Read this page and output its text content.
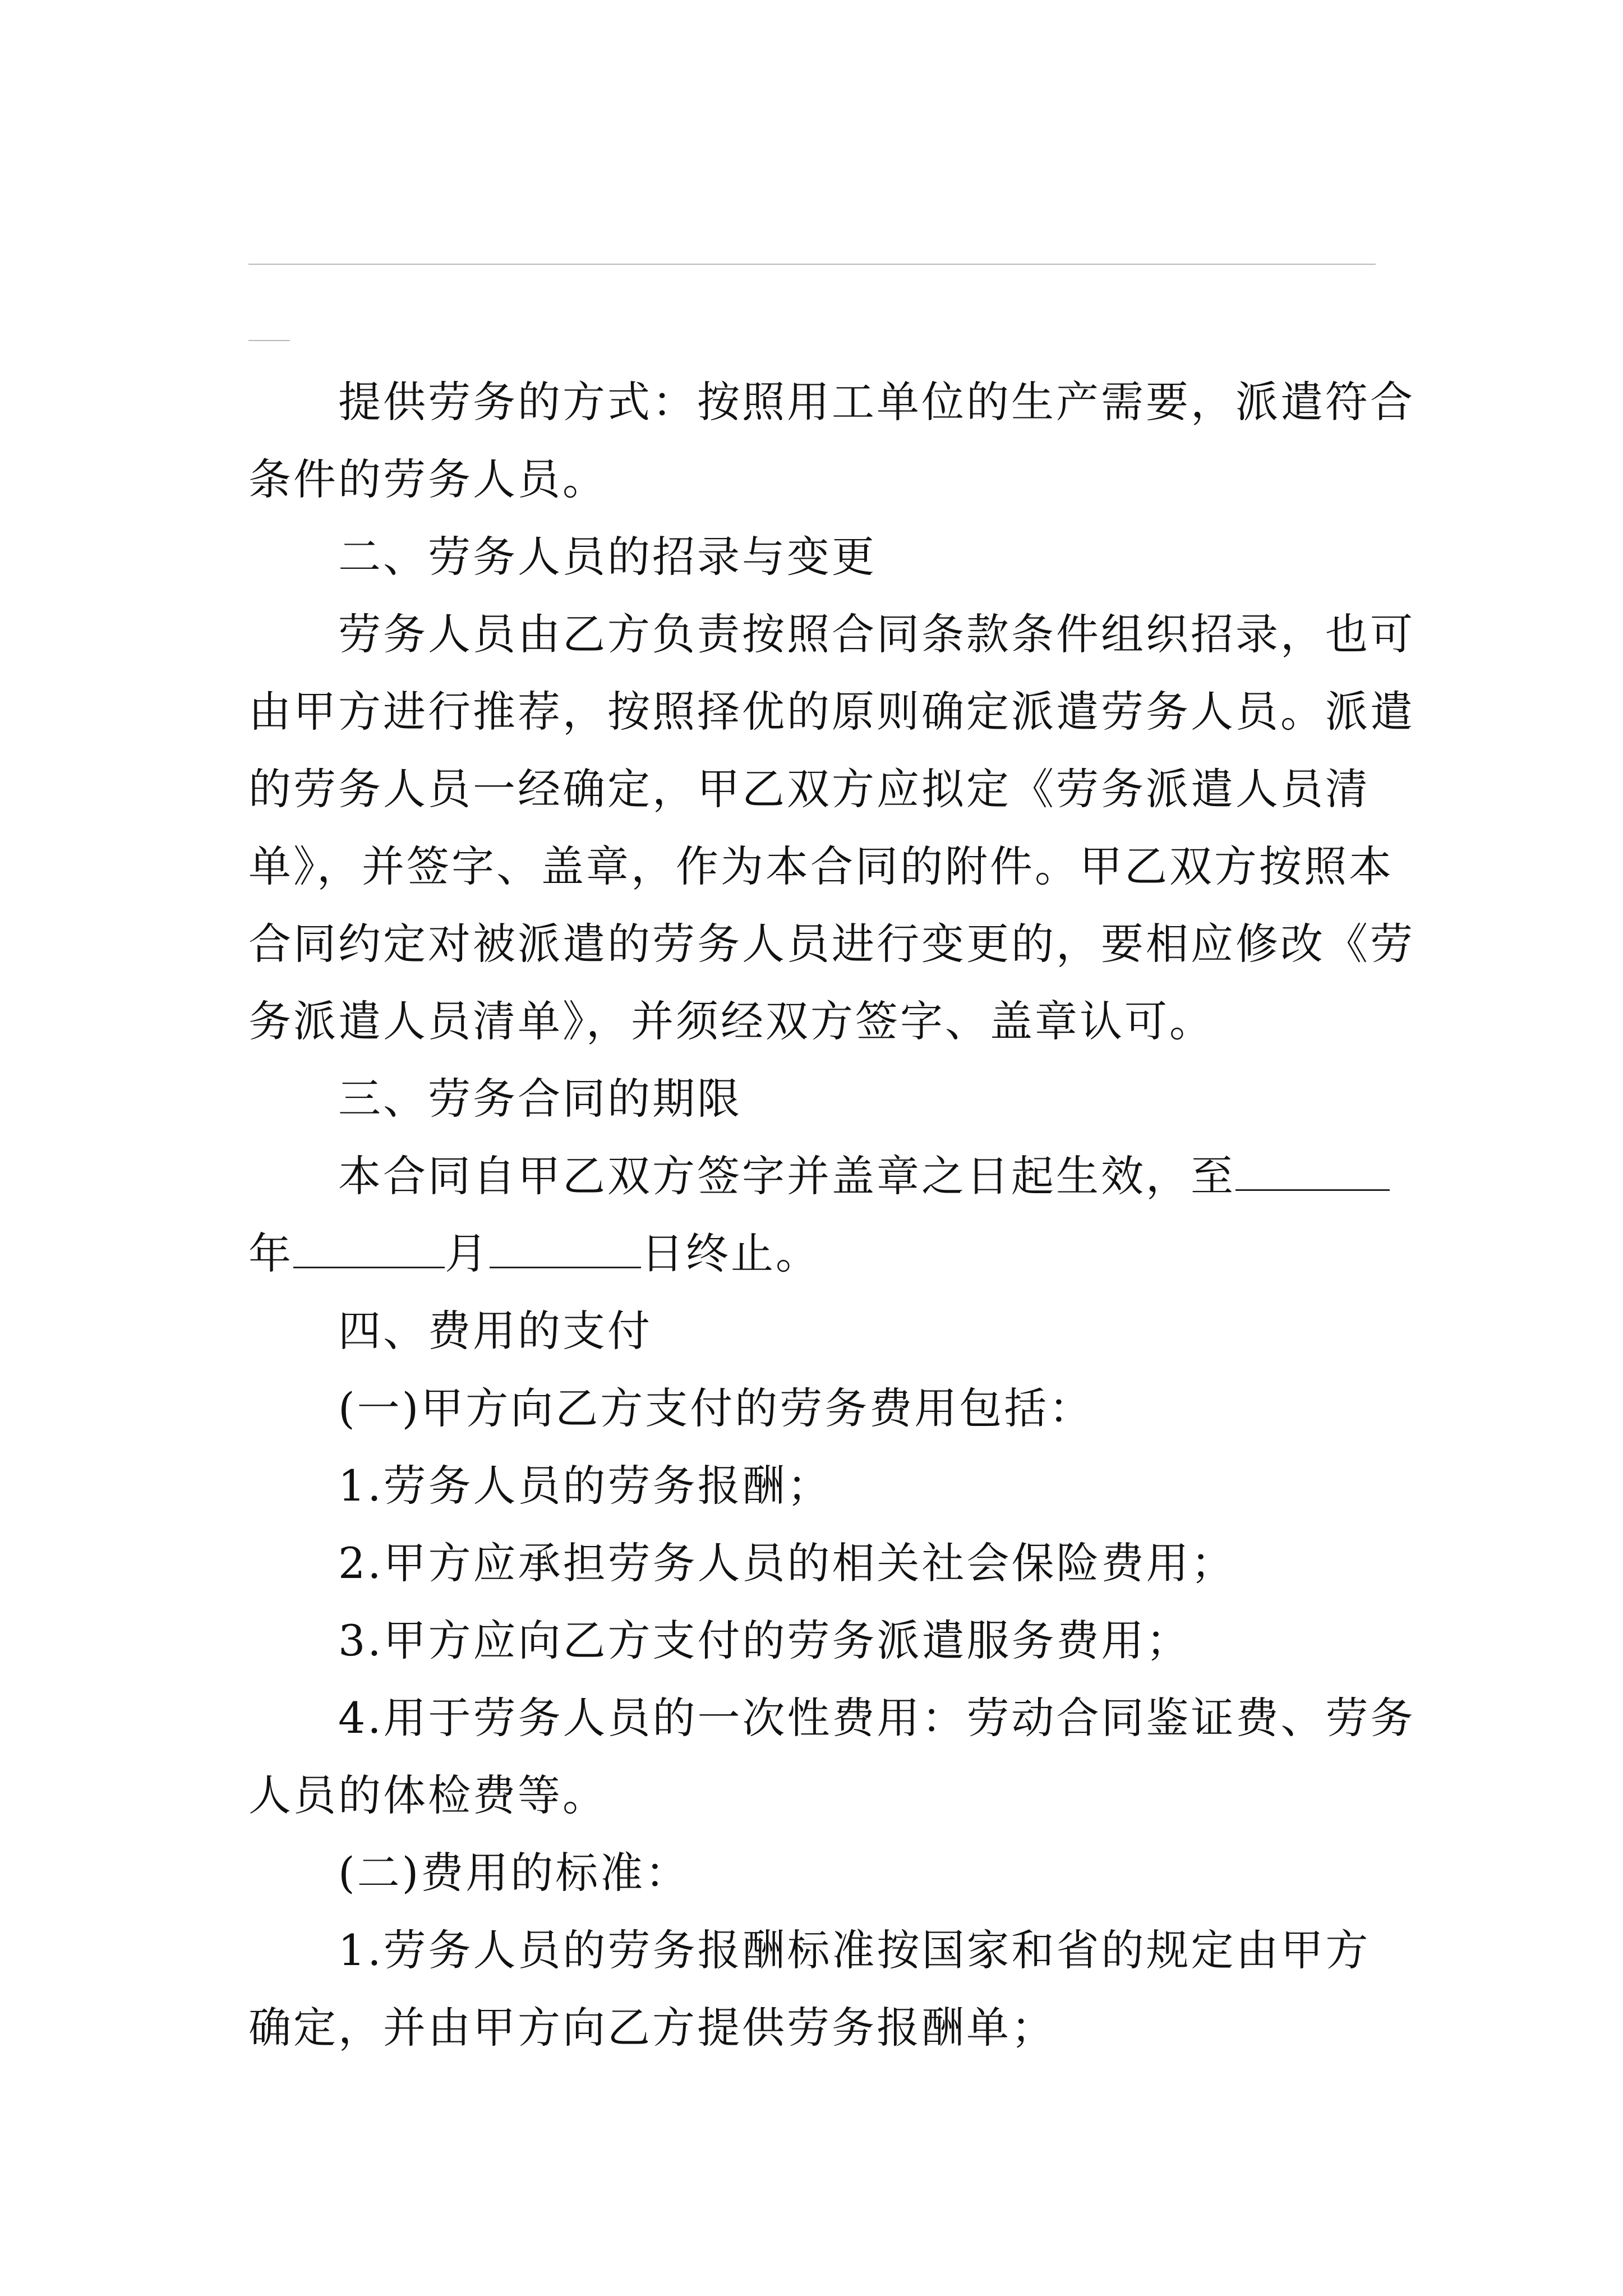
提供劳务的方式：按照用工单位的生产需要，派遣符合
条件的劳务人员。
二、劳务人员的招录与变更
劳务人员由乙方负责按照合同条款条件组织招录，也可
由甲方进行推荐，按照择优的原则确定派遣劳务人员。派遣
的劳务人员一经确定，甲乙双方应拟定《劳务派遣人员清
单》，并签字、盖章，作为本合同的附件。甲乙双方按照本
合同约定对被派遣的劳务人员进行变更的，要相应修改《劳
务派遣人员清单》，并须经双方签字、盖章认可。
三、劳务合同的期限
本合同自甲乙双方签字并盖章之日起生效，至
年	月	日终止。
四、费用的支付
(一)甲方向乙方支付的劳务费用包括：
1.劳务人员的劳务报酬；
2.甲方应承担劳务人员的相关社会保险费用；
3.甲方应向乙方支付的劳务派遣服务费用；
4.用于劳务人员的一次性费用：劳动合同鉴证费、劳务
人员的体检费等。
(二)费用的标准：
1.劳务人员的劳务报酬标准按国家和省的规定由甲方
确定，并由甲方向乙方提供劳务报酬单；
